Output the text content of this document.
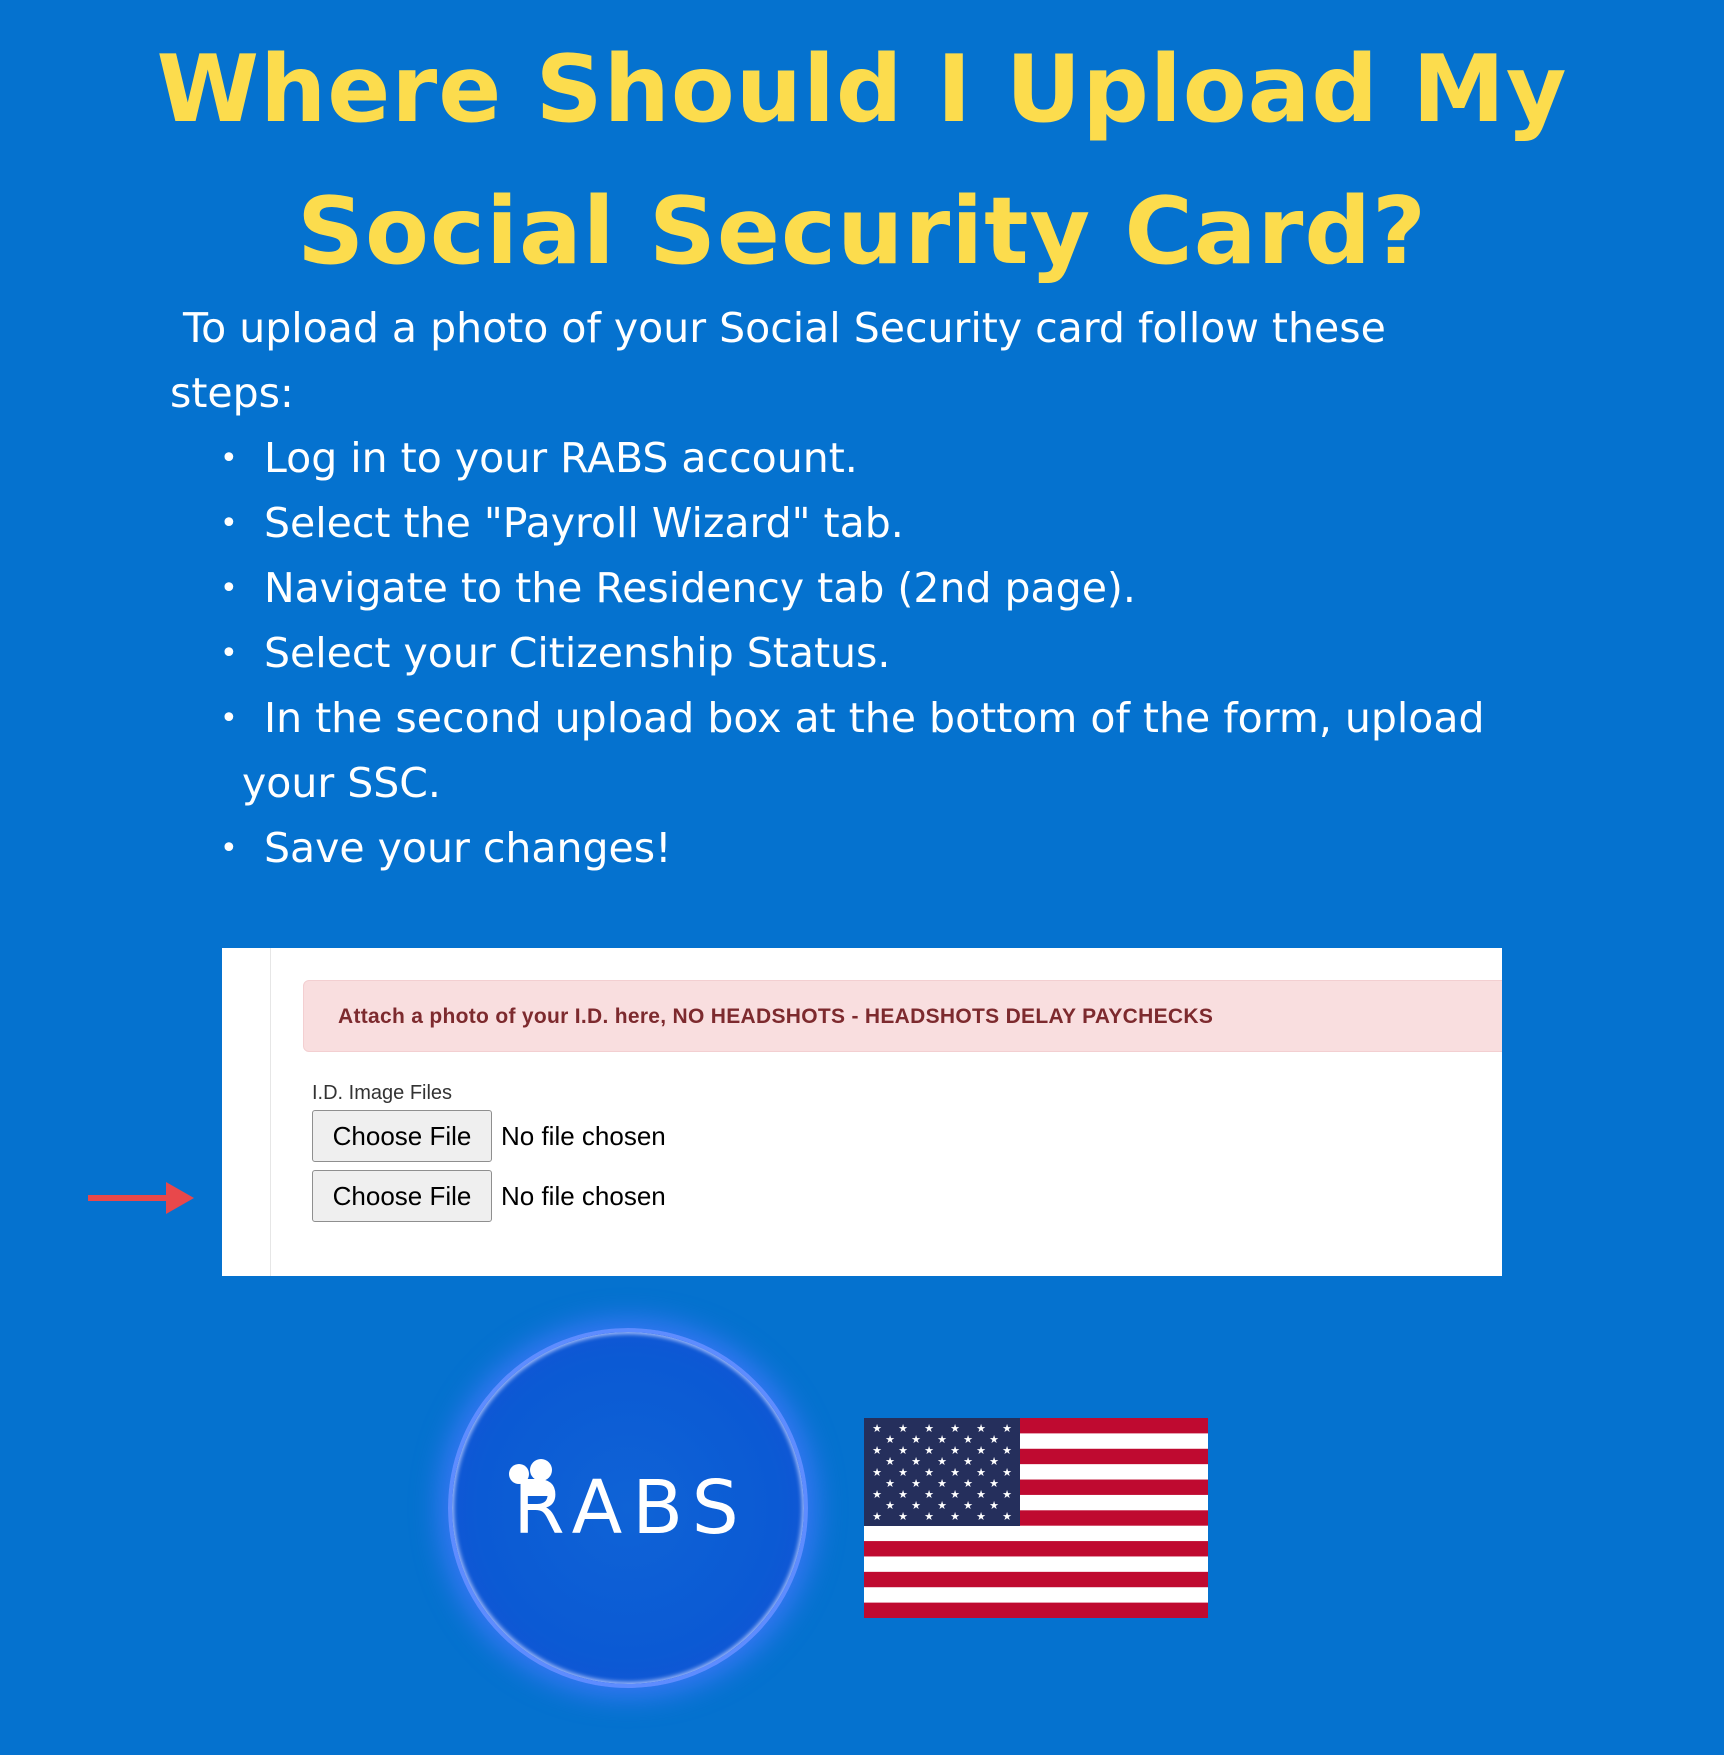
Where Should I Upload My
Social Security Card?

To upload a photo of your Social Security card follow these
steps:

• Log in to your RABS account.
• Select the "Payroll Wizard" tab.
• Navigate to the Residency tab (2nd page).
• Select your Citizenship Status.
• In the second upload box at the bottom of the form, upload
your SSC.
• Save your changes!
Attach a photo of your I.D. here, NO HEADSHOTS - HEADSHOTS DELAY PAYCHECKS
I.D. Image Files
Choose File	No file chosen
Choose File	No file chosen
RABS
★ ★ ★ ★ ★ ★
★ ★ ★ ★ ★
★ ★ ★ ★ ★ ★
★ ★ ★ ★ ★
★ ★ ★ ★ ★ ★
★ ★ ★ ★ ★
★ ★ ★ ★ ★ ★
★ ★ ★ ★ ★
★ ★ ★ ★ ★ ★
